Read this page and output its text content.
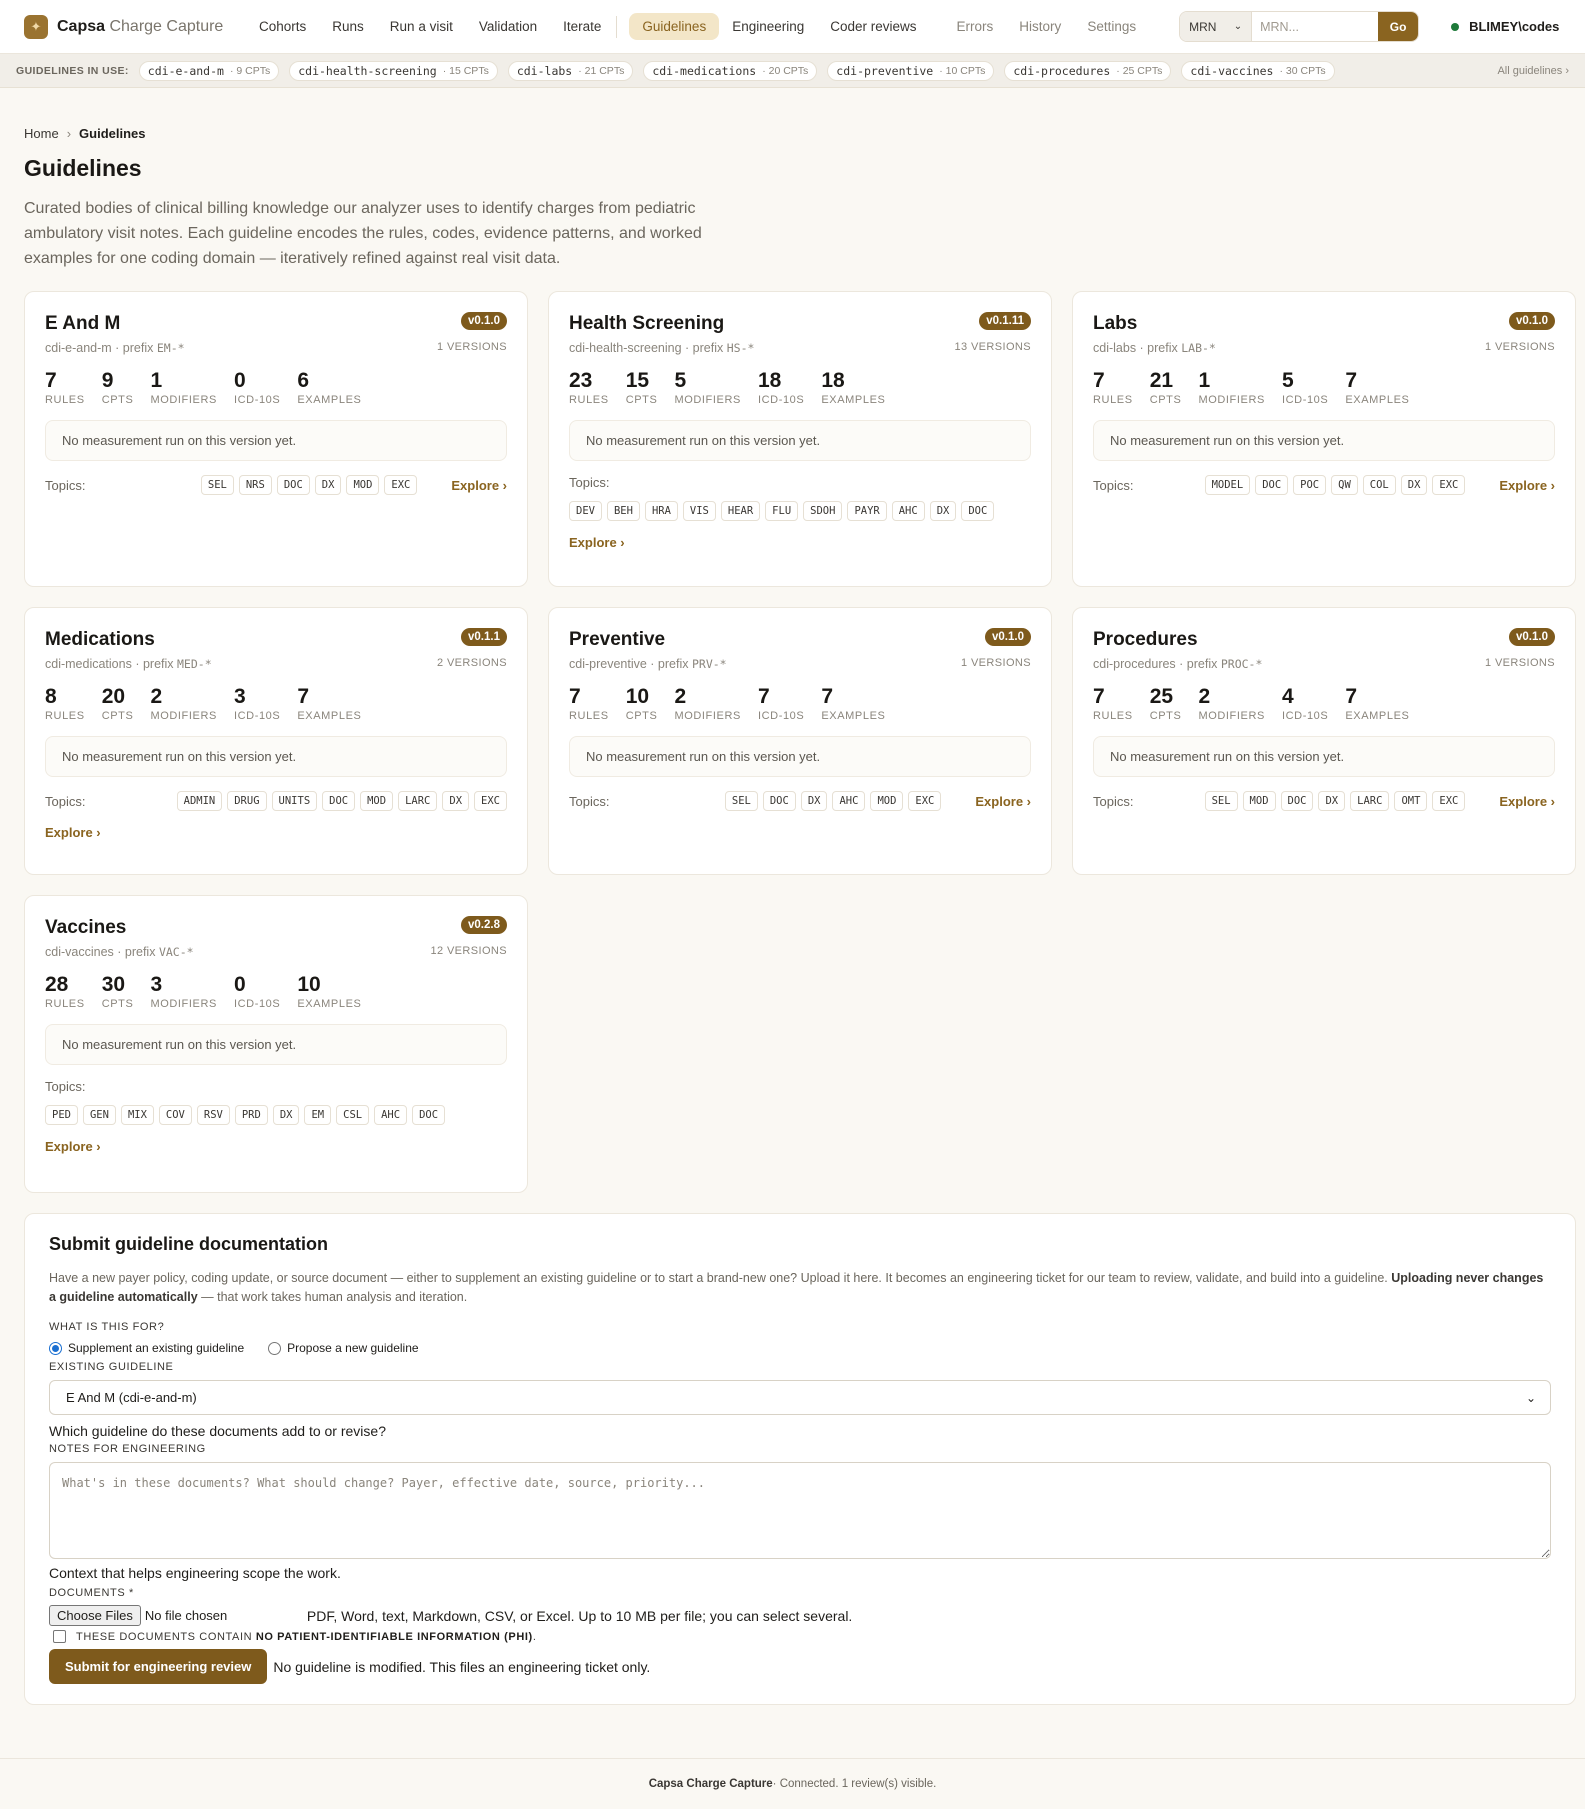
✦ Capsa Charge Capture	Cohorts	Runs	Run a visit	Validation	Iterate	Guidelines	Engineering	Coder reviews	Errors	History	Settings	MRN ⌄
MRN...	Go	BLIMEY\codes
GUIDELINES IN USE: cdi-e-and-m · 9 CPTs cdi-health-screening · 15 CPTs cdi-labs · 21 CPTs cdi-medications · 20 CPTs cdi-preventive · 10 CPTs cdi-procedures · 25 CPTs cdi-vaccines · 30 CPTs	All guidelines ›
Home › Guidelines
Guidelines

Curated bodies of clinical billing knowledge our analyzer uses to identify charges from pediatric ambulatory visit notes. Each guideline encodes the rules, codes, evidence patterns, and worked examples for one coding domain — iteratively refined against real visit data.

E And M	v0.1.0
cdi-e-and-m · prefix EM-*	1 VERSIONS
7
RULES
9
CPTS
1
MODIFIERS
0
ICD-10S
6
EXAMPLES
No measurement run on this version yet.
Topics:	SEL	NRS	DOC	DX	MOD	EXC	Explore ›
Health Screening	v0.1.11
cdi-health-screening · prefix HS-*	13 VERSIONS
23
RULES
15
CPTS
5
MODIFIERS
18
ICD-10S
18
EXAMPLES
No measurement run on this version yet.
Topics:
DEV	BEH	HRA	VIS	HEAR	FLU	SDOH	PAYR	AHC	DX	DOC
Explore ›
Labs	v0.1.0
cdi-labs · prefix LAB-*	1 VERSIONS
7
RULES
21
CPTS
1
MODIFIERS
5
ICD-10S
7
EXAMPLES
No measurement run on this version yet.
Topics:	MODEL	DOC	POC	QW	COL	DX	EXC	Explore ›
Medications	v0.1.1
cdi-medications · prefix MED-*	2 VERSIONS
8
RULES
20
CPTS
2
MODIFIERS
3
ICD-10S
7
EXAMPLES
No measurement run on this version yet.
Topics:	ADMIN	DRUG	UNITS	DOC	MOD	LARC	DX	EXC
Explore ›
Preventive	v0.1.0
cdi-preventive · prefix PRV-*	1 VERSIONS
7
RULES
10
CPTS
2
MODIFIERS
7
ICD-10S
7
EXAMPLES
No measurement run on this version yet.
Topics:	SEL	DOC	DX	AHC	MOD	EXC	Explore ›
Procedures	v0.1.0
cdi-procedures · prefix PROC-*	1 VERSIONS
7
RULES
25
CPTS
2
MODIFIERS
4
ICD-10S
7
EXAMPLES
No measurement run on this version yet.
Topics:	SEL	MOD	DOC	DX	LARC	OMT	EXC	Explore ›
Vaccines	v0.2.8
cdi-vaccines · prefix VAC-*	12 VERSIONS
28
RULES
30
CPTS
3
MODIFIERS
0
ICD-10S
10
EXAMPLES
No measurement run on this version yet.
Topics:
PED	GEN	MIX	COV	RSV	PRD	DX	EM	CSL	AHC	DOC
Explore ›
Submit guideline documentation

Have a new payer policy, coding update, or source document — either to supplement an existing guideline or to start a brand-new one? Upload it here. It becomes an engineering ticket for our team to review, validate, and build into a guideline. Uploading never changes a guideline automatically — that work takes human analysis and iteration.

WHAT IS THIS FOR?
Supplement an existing guideline	Propose a new guideline
EXISTING GUIDELINE
E And M (cdi-e-and-m)	⌄
Which guideline do these documents add to or revise?
NOTES FOR ENGINEERING
What's in these documents? What should change? Payer, effective date, source, priority...
Context that helps engineering scope the work.
DOCUMENTS *
Choose Files No file chosen	PDF, Word, text, Markdown, CSV, or Excel. Up to 10 MB per file; you can select several.
THESE DOCUMENTS CONTAIN NO PATIENT-IDENTIFIABLE INFORMATION (PHI).
Submit for engineering review	No guideline is modified. This files an engineering ticket only.
Capsa Charge Capture · Connected. 1 review(s) visible.
